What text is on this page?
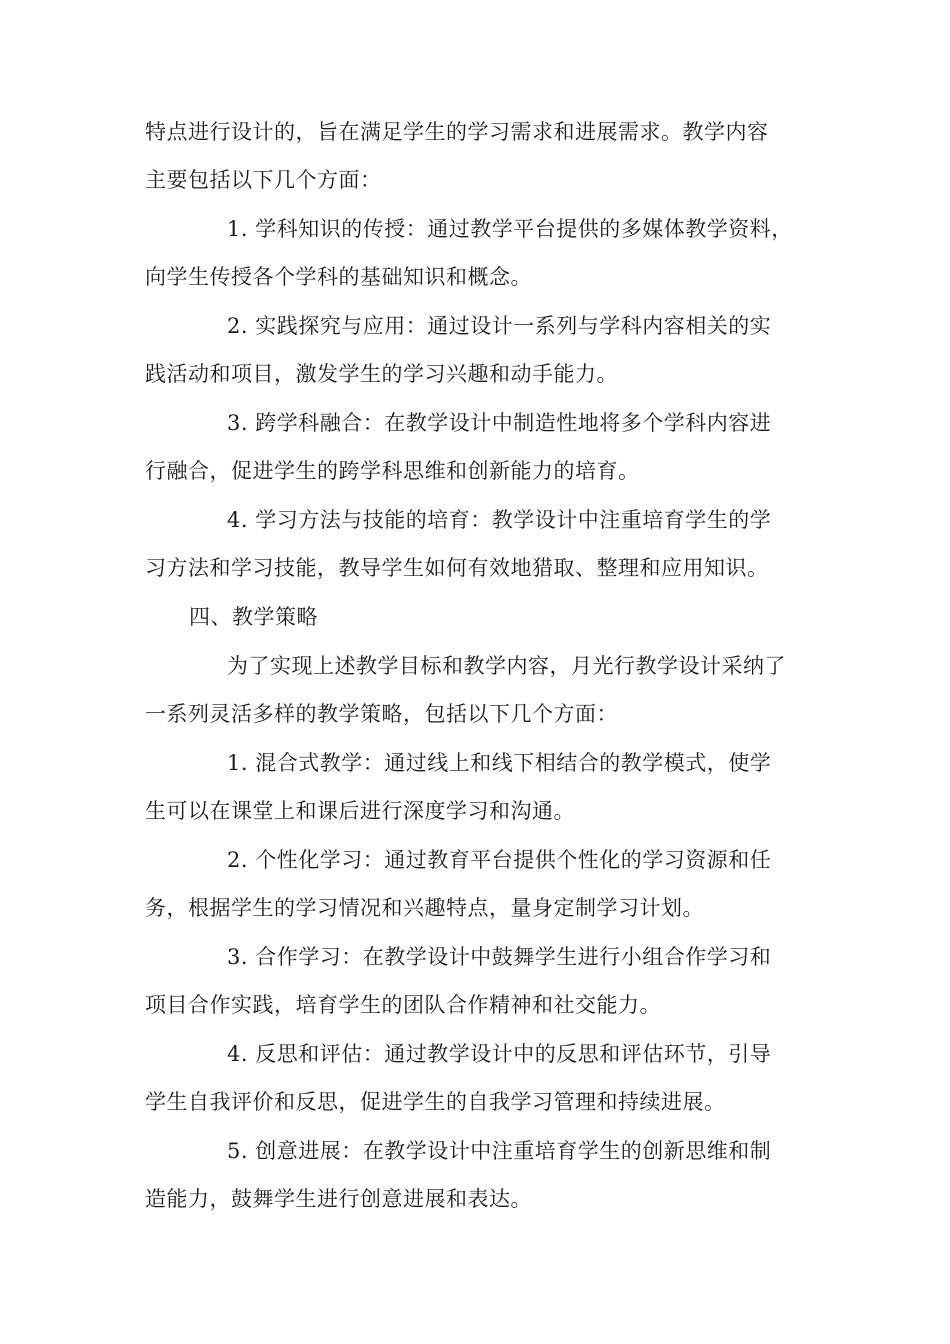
特点进行设计的，旨在满足学生的学习需求和进展需求。教学内容
主要包括以下几个方面：
1. 学科知识的传授：通过教学平台提供的多媒体教学资料，
向学生传授各个学科的基础知识和概念。
2. 实践探究与应用：通过设计一系列与学科内容相关的实
践活动和项目，激发学生的学习兴趣和动手能力。
3. 跨学科融合：在教学设计中制造性地将多个学科内容进
行融合，促进学生的跨学科思维和创新能力的培育。
4. 学习方法与技能的培育：教学设计中注重培育学生的学
习方法和学习技能，教导学生如何有效地猎取、整理和应用知识。
四、教学策略
为了实现上述教学目标和教学内容，月光行教学设计采纳了
一系列灵活多样的教学策略，包括以下几个方面：
1. 混合式教学：通过线上和线下相结合的教学模式，使学
生可以在课堂上和课后进行深度学习和沟通。
2. 个性化学习：通过教育平台提供个性化的学习资源和任
务，根据学生的学习情况和兴趣特点，量身定制学习计划。
3. 合作学习：在教学设计中鼓舞学生进行小组合作学习和
项目合作实践，培育学生的团队合作精神和社交能力。
4. 反思和评估：通过教学设计中的反思和评估环节，引导
学生自我评价和反思，促进学生的自我学习管理和持续进展。
5. 创意进展：在教学设计中注重培育学生的创新思维和制
造能力，鼓舞学生进行创意进展和表达。
